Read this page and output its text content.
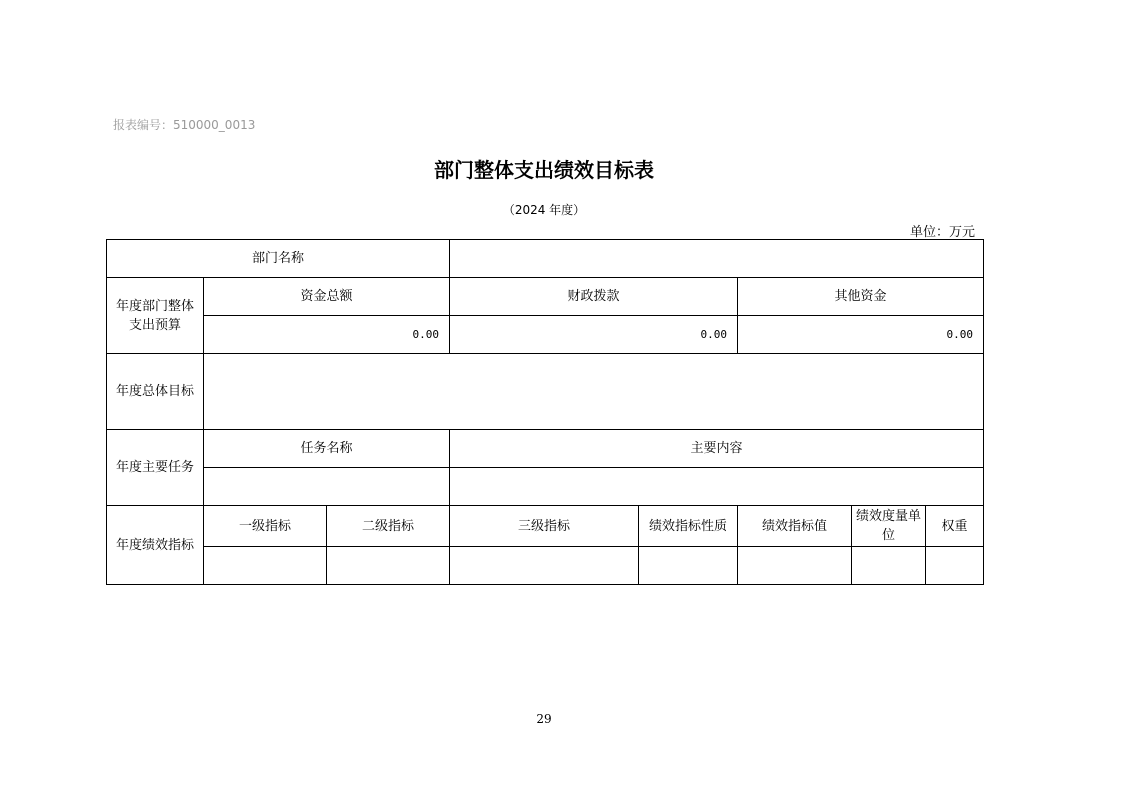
报表编号：510000_0013
部门整体支出绩效目标表
（2024 年度）
单位：万元
部门名称							
年度部门整体支出预算	资金总额		财政拨款		其他资金		
	0.00		0.00		0.00		
年度总体目标							
年度主要任务	任务名称		主要内容				

年度绩效指标	一级指标	二级指标	三级指标	绩效指标性质	绩效指标值	绩效度量单位	权重

29
